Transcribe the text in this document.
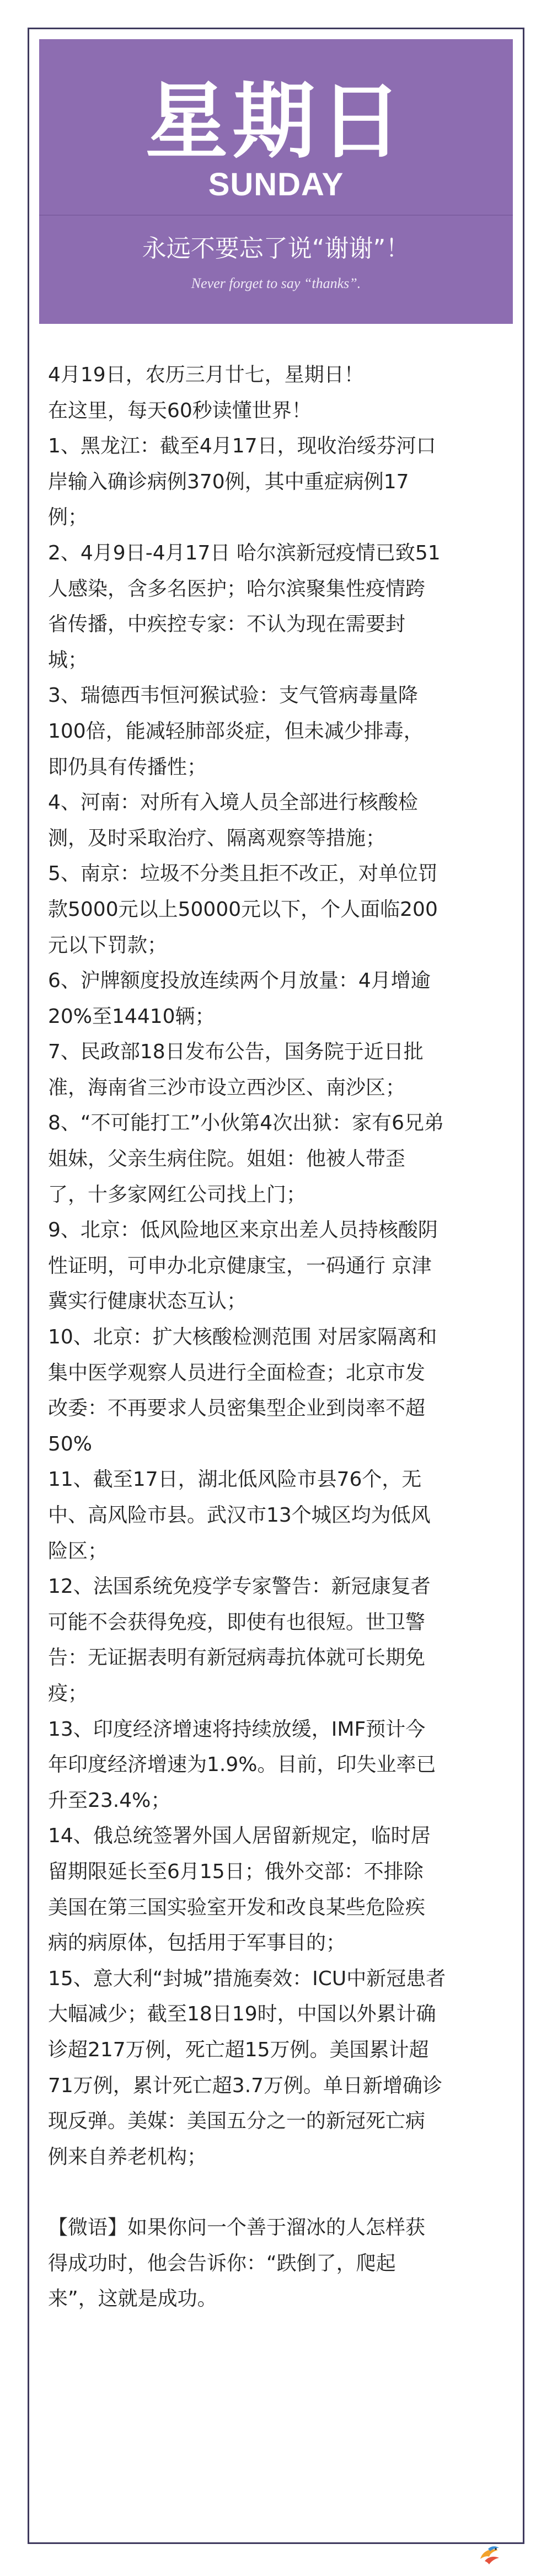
星期日
SUNDAY
永远不要忘了说“谢谢”！
Never forget to say “thanks”.

4月19日，农历三月廿七，星期日！

在这里，每天60秒读懂世界！

1、黑龙江：截至4月17日，现收治绥芬河口
岸输入确诊病例370例，其中重症病例17
例；

2、4月9日-4月17日 哈尔滨新冠疫情已致51
人感染，含多名医护；哈尔滨聚集性疫情跨
省传播，中疾控专家：不认为现在需要封
城；

3、瑞德西韦恒河猴试验：支气管病毒量降
100倍，能减轻肺部炎症，但未减少排毒，
即仍具有传播性；

4、河南：对所有入境人员全部进行核酸检
测，及时采取治疗、隔离观察等措施；

5、南京：垃圾不分类且拒不改正，对单位罚
款5000元以上50000元以下，个人面临200
元以下罚款；

6、沪牌额度投放连续两个月放量：4月增逾
20%至14410辆；

7、民政部18日发布公告，国务院于近日批
准，海南省三沙市设立西沙区、南沙区；

8、“不可能打工”小伙第4次出狱：家有6兄弟
姐妹，父亲生病住院。姐姐：他被人带歪
了，十多家网红公司找上门；

9、北京：低风险地区来京出差人员持核酸阴
性证明，可申办北京健康宝，一码通行 京津
冀实行健康状态互认；

10、北京：扩大核酸检测范围 对居家隔离和
集中医学观察人员进行全面检查；北京市发
改委：不再要求人员密集型企业到岗率不超
50%

11、截至17日，湖北低风险市县76个，无
中、高风险市县。武汉市13个城区均为低风
险区；

12、法国系统免疫学专家警告：新冠康复者
可能不会获得免疫，即使有也很短。世卫警
告：无证据表明有新冠病毒抗体就可长期免
疫；

13、印度经济增速将持续放缓，IMF预计今
年印度经济增速为1.9%。目前，印失业率已
升至23.4%；

14、俄总统签署外国人居留新规定，临时居
留期限延长至6月15日；俄外交部：不排除
美国在第三国实验室开发和改良某些危险疾
病的病原体，包括用于军事目的；

15、意大利“封城”措施奏效：ICU中新冠患者
大幅减少；截至18日19时，中国以外累计确
诊超217万例，死亡超15万例。美国累计超
71万例，累计死亡超3.7万例。单日新增确诊
现反弹。美媒：美国五分之一的新冠死亡病
例来自养老机构；

【微语】如果你问一个善于溜冰的人怎样获
得成功时，他会告诉你：“跌倒了，爬起
来”，这就是成功。
